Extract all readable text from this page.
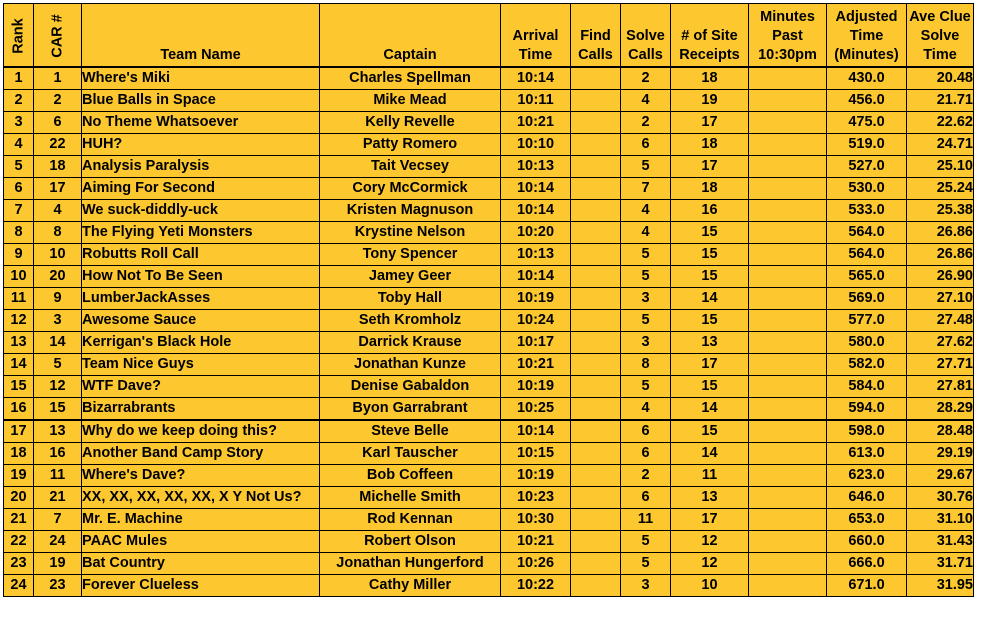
Rank	CAR #	Team Name	Captain	Arrival Time	Find Calls	Solve Calls	# of Site Receipts	Minutes Past 10:30pm	Adjusted Time (Minutes)	Ave Clue Solve Time
1	1	Where's Miki	Charles Spellman	10:14		2	18		430.0	20.48
2	2	Blue Balls in Space	Mike Mead	10:11		4	19		456.0	21.71
3	6	No Theme Whatsoever	Kelly Revelle	10:21		2	17		475.0	22.62
4	22	HUH?	Patty Romero	10:10		6	18		519.0	24.71
5	18	Analysis Paralysis	Tait Vecsey	10:13		5	17		527.0	25.10
6	17	Aiming For Second	Cory McCormick	10:14		7	18		530.0	25.24
7	4	We suck-diddly-uck	Kristen Magnuson	10:14		4	16		533.0	25.38
8	8	The Flying Yeti Monsters	Krystine Nelson	10:20		4	15		564.0	26.86
9	10	Robutts Roll Call	Tony Spencer	10:13		5	15		564.0	26.86
10	20	How Not To Be Seen	Jamey Geer	10:14		5	15		565.0	26.90
11	9	LumberJackAsses	Toby Hall	10:19		3	14		569.0	27.10
12	3	Awesome Sauce	Seth Kromholz	10:24		5	15		577.0	27.48
13	14	Kerrigan's Black Hole	Darrick Krause	10:17		3	13		580.0	27.62
14	5	Team Nice Guys	Jonathan Kunze	10:21		8	17		582.0	27.71
15	12	WTF Dave?	Denise Gabaldon	10:19		5	15		584.0	27.81
16	15	Bizarrabrants	Byon Garrabrant	10:25		4	14		594.0	28.29
17	13	Why do we keep doing this?	Steve Belle	10:14		6	15		598.0	28.48
18	16	Another Band Camp Story	Karl Tauscher	10:15		6	14		613.0	29.19
19	11	Where's Dave?	Bob Coffeen	10:19		2	11		623.0	29.67
20	21	XX, XX, XX, XX, XX, X Y Not Us?	Michelle Smith	10:23		6	13		646.0	30.76
21	7	Mr. E. Machine	Rod Kennan	10:30		11	17		653.0	31.10
22	24	PAAC Mules	Robert Olson	10:21		5	12		660.0	31.43
23	19	Bat Country	Jonathan Hungerford	10:26		5	12		666.0	31.71
24	23	Forever Clueless	Cathy Miller	10:22		3	10		671.0	31.95
